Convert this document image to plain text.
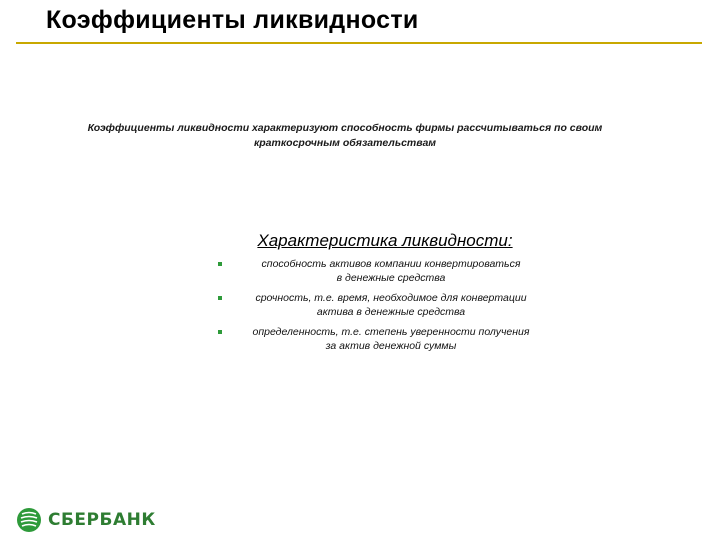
Коэффициенты ликвидности
Коэффициенты ликвидности характеризуют способность фирмы рассчитываться по своим краткосрочным обязательствам
Характеристика ликвидности:
способность активов компании конвертироваться
в денежные средства
срочность, т.е. время, необходимое для конвертации
актива в денежные средства
определенность, т.е. степень уверенности получения
за актив денежной суммы
СБЕРБАНК
